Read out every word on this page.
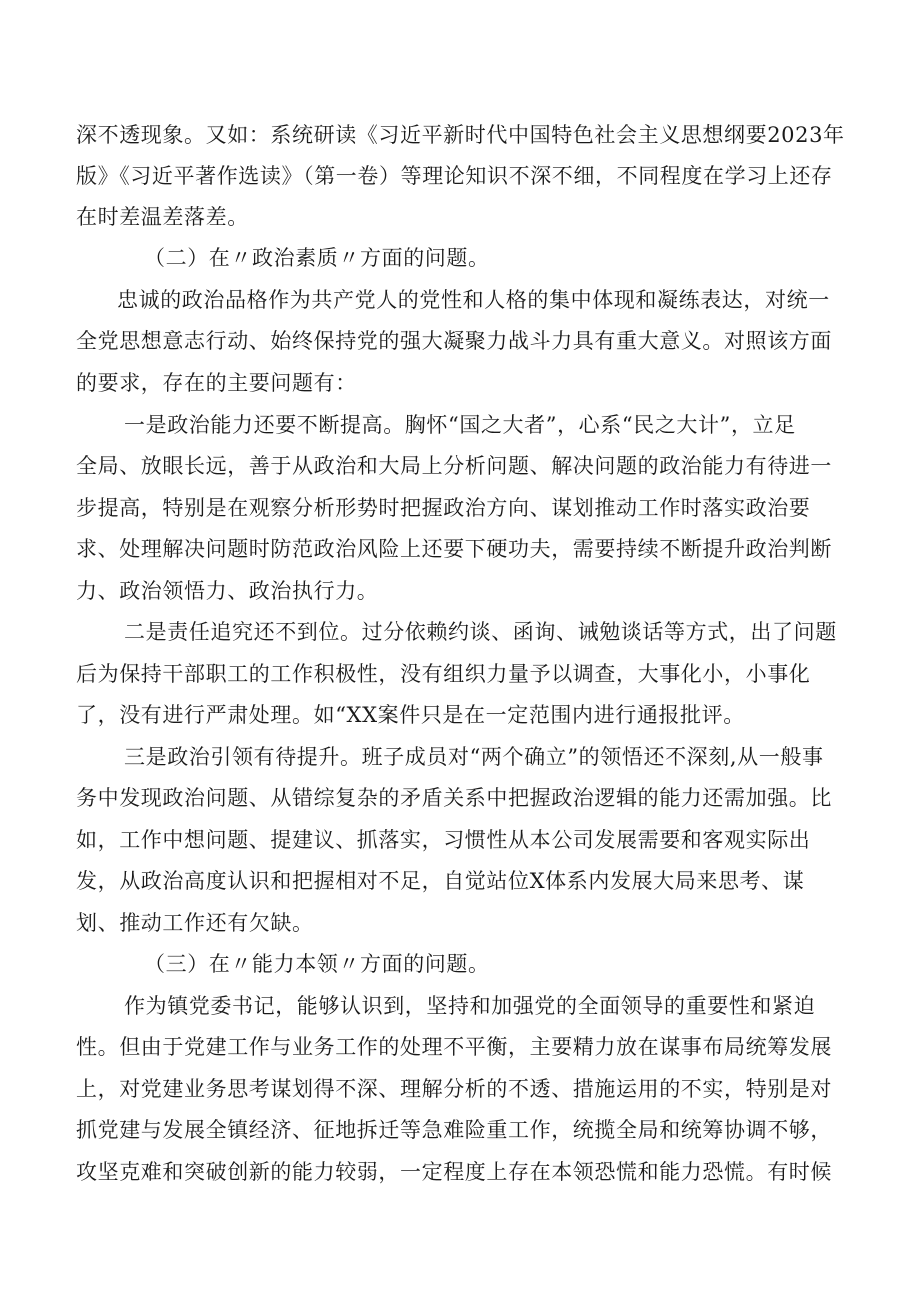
深不透现象。又如：系统研读《习近平新时代中国特色社会主义思想纲要2023年
版》《习近平著作选读》（第一卷）等理论知识不深不细，不同程度在学习上还存
在时差温差落差。
（二）在〃政治素质〃方面的问题。
忠诚的政治品格作为共产党人的党性和人格的集中体现和凝练表达，对统一
全党思想意志行动、始终保持党的强大凝聚力战斗力具有重大意义。对照该方面
的要求，存在的主要问题有：
一是政治能力还要不断提高。胸怀“国之大者”，心系“民之大计”，立足
全局、放眼长远，善于从政治和大局上分析问题、解决问题的政治能力有待进一
步提高，特别是在观察分析形势时把握政治方向、谋划推动工作时落实政治要
求、处理解决问题时防范政治风险上还要下硬功夫，需要持续不断提升政治判断
力、政治领悟力、政治执行力。
二是责任追究还不到位。过分依赖约谈、函询、诫勉谈话等方式，出了问题
后为保持干部职工的工作积极性，没有组织力量予以调查，大事化小，小事化
了，没有进行严肃处理。如“XX案件只是在一定范围内进行通报批评。
三是政治引领有待提升。班子成员对“两个确立”的领悟还不深刻,从一般事
务中发现政治问题、从错综复杂的矛盾关系中把握政治逻辑的能力还需加强。比
如，工作中想问题、提建议、抓落实，习惯性从本公司发展需要和客观实际出
发，从政治高度认识和把握相对不足，自觉站位X体系内发展大局来思考、谋
划、推动工作还有欠缺。
（三）在〃能力本领〃方面的问题。
作为镇党委书记，能够认识到，坚持和加强党的全面领导的重要性和紧迫
性。但由于党建工作与业务工作的处理不平衡，主要精力放在谋事布局统筹发展
上，对党建业务思考谋划得不深、理解分析的不透、措施运用的不实，特别是对
抓党建与发展全镇经济、征地拆迁等急难险重工作，统揽全局和统筹协调不够，
攻坚克难和突破创新的能力较弱，一定程度上存在本领恐慌和能力恐慌。有时候
